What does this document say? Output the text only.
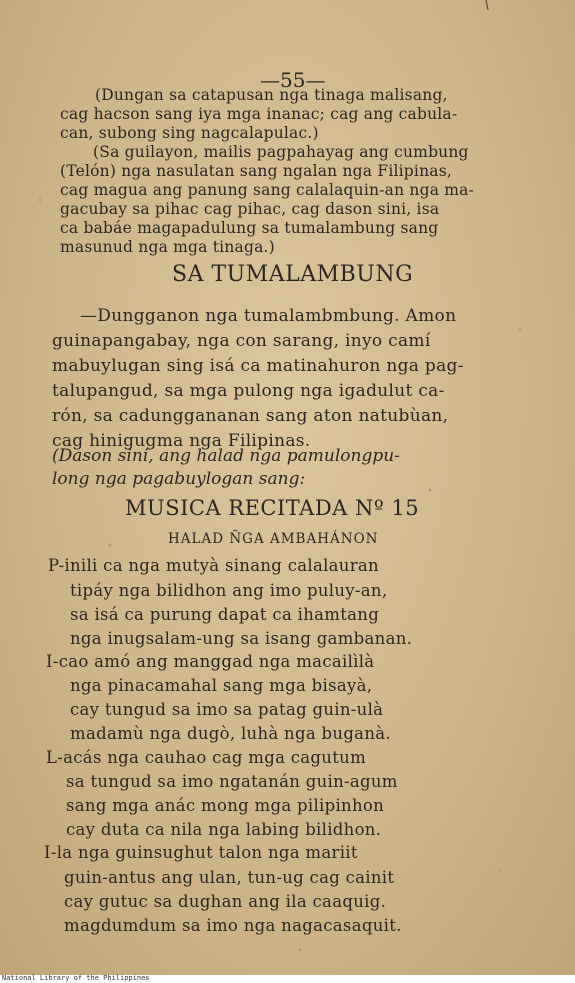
—55—
(Dungan sa catapusan nga tinaga malisang,
cag hacson sang iya mga inanac; cag ang cabula-
can, subong sing nagcalapulac.)
(Sa guilayon, mailis pagpahayag ang cumbung
(Telón) nga nasulatan sang ngalan nga Filipinas,
cag magua ang panung sang calalaquin-an nga ma-
gacubay sa pihac cag pihac, cag dason sini, isa
ca babáe magapadulung sa tumalambung sang
masunud nga mga tinaga.)
SA TUMALAMBUNG
—Dungganon nga tumalambmbung. Amon
guinapangabay, nga con sarang, inyo camí
mabuylugan sing isá ca matinahuron nga pag-
talupangud, sa mga pulong nga igadulut ca-
rón, sa cadunggananan sang aton natubùan,
cag hinigugma nga Filipinas.
(Dason sini, ang halad nga pamulongpu-
long nga pagabuylogan sang:
MUSICA RECITADA Nº 15
HALAD ÑGA AMBAHÁNON
P-inili ca nga mutyà sinang calalauran
tipáy nga bilidhon ang imo puluy-an,
sa isá ca purung dapat ca ihamtang
nga inugsalam-ung sa isang gambanan.
I-cao amó ang manggad nga macailìlà
nga pinacamahal sang mga bisayà,
cay tungud sa imo sa patag guin-ulà
madamù nga dugò, luhà nga buganà.
L-acás nga cauhao cag mga cagutum
sa tungud sa imo ngatanán guin-agum
sang mga anác mong mga pilipinhon
cay duta ca nila nga labing bilidhon.
I-la nga guinsughut talon nga mariit
guin-antus ang ulan, tun-ug cag cainit
cay gutuc sa dughan ang ila caaquig.
magdumdum sa imo nga nagacasaquit.
National Library of the Philippines
